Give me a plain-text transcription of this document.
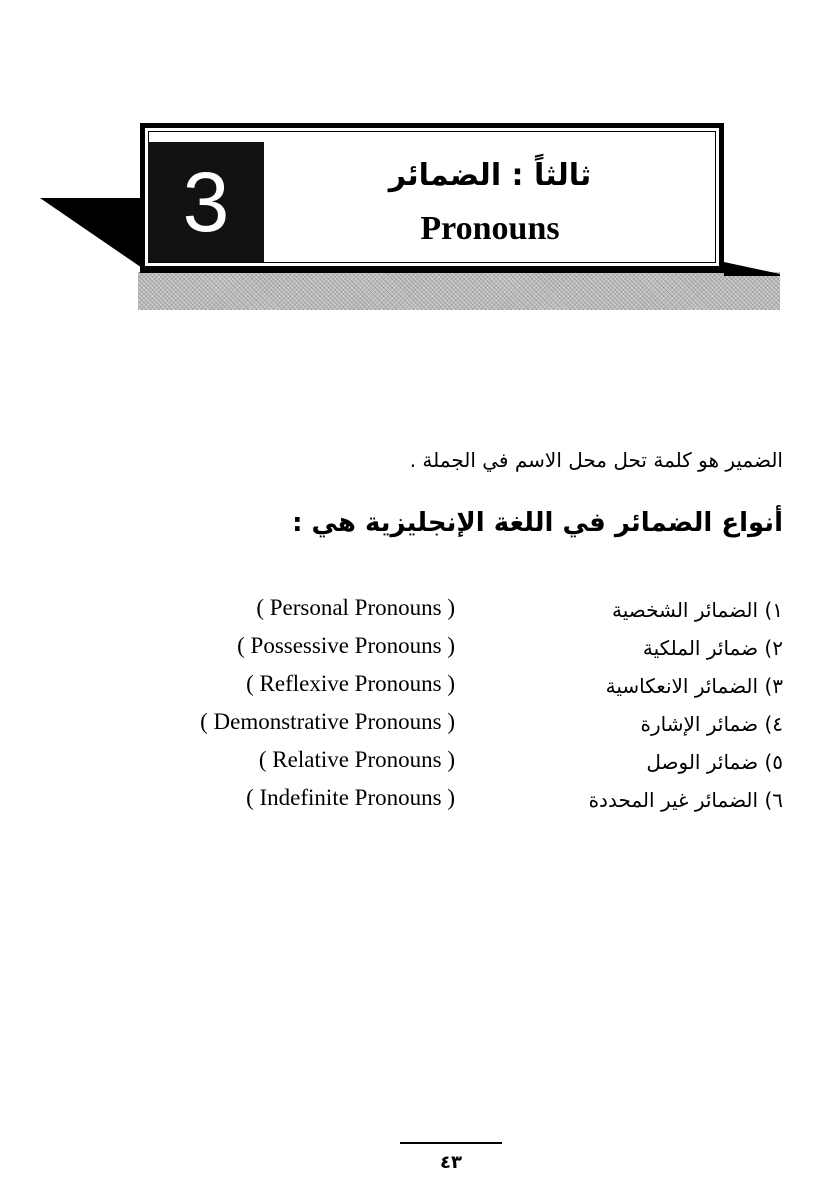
3	ثالثاً : الضمائر
Pronouns
الضمير هو كلمة تحل محل الاسم في الجملة .
أنواع الضمائر في اللغة الإنجليزية هي :
١) الضمائر الشخصية
٢) ضمائر الملكية
٣) الضمائر الانعكاسية
٤) ضمائر الإشارة
٥) ضمائر الوصل
٦) الضمائر غير المحددة
( Personal Pronouns )
( Possessive Pronouns )
( Reflexive Pronouns )
( Demonstrative Pronouns )
( Relative Pronouns )
( Indefinite Pronouns )
٤٣
